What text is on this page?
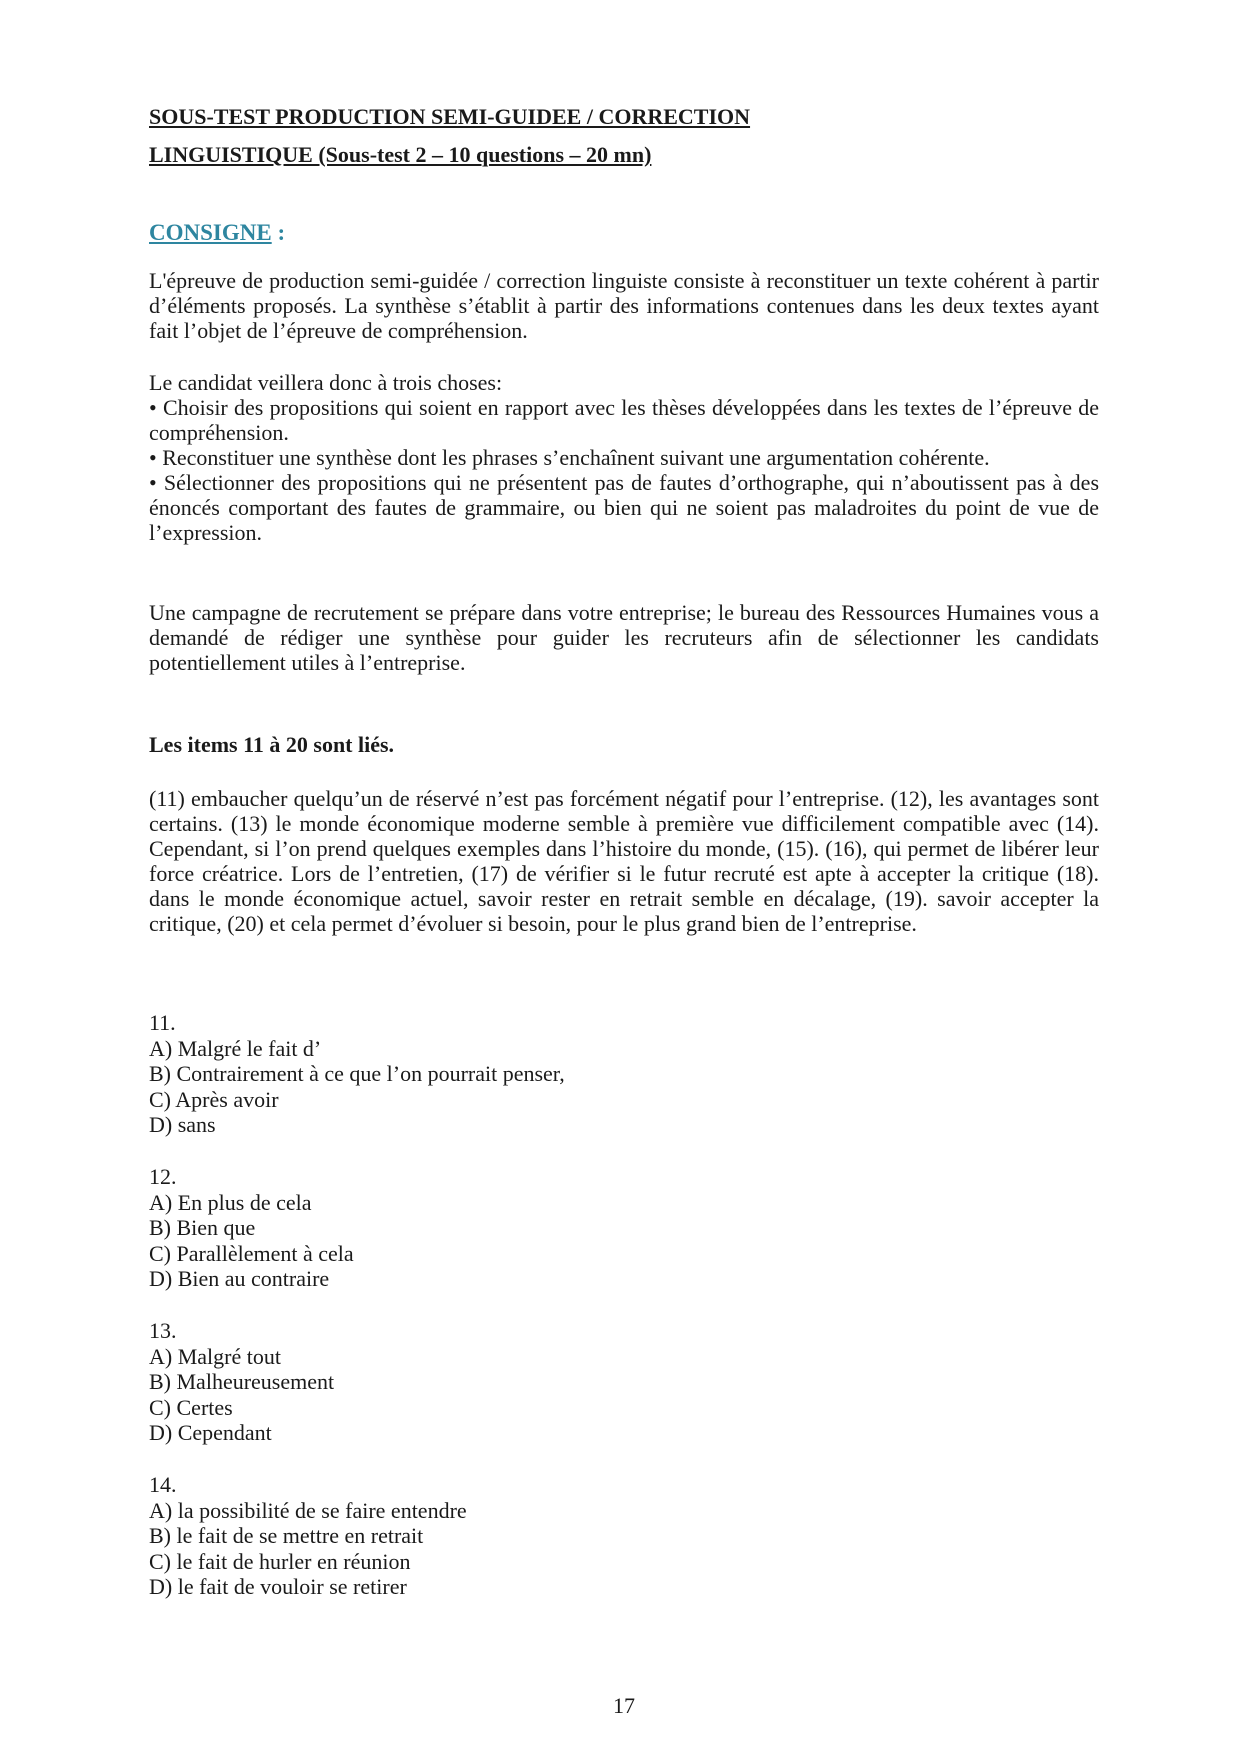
SOUS-TEST PRODUCTION SEMI-GUIDEE / CORRECTION
LINGUISTIQUE (Sous-test 2 – 10 questions – 20 mn)

CONSIGNE :

L'épreuve de production semi-guidée / correction linguiste consiste à reconstituer un texte cohérent à partir d’éléments proposés. La synthèse s’établit à partir des informations contenues dans les deux textes ayant fait l’objet de l’épreuve de compréhension.

Le candidat veillera donc à trois choses:
• Choisir des propositions qui soient en rapport avec les thèses développées dans les textes de l’épreuve de compréhension.
• Reconstituer une synthèse dont les phrases s’enchaînent suivant une argumentation cohérente.
• Sélectionner des propositions qui ne présentent pas de fautes d’orthographe, qui n’aboutissent pas à des énoncés comportant des fautes de grammaire, ou bien qui ne soient pas maladroites du point de vue de l’expression.

Une campagne de recrutement se prépare dans votre entreprise; le bureau des Ressources Humaines vous a demandé de rédiger une synthèse pour guider les recruteurs afin de sélectionner les candidats potentiellement utiles à l’entreprise.

Les items 11 à 20 sont liés.

(11) embaucher quelqu’un de réservé n’est pas forcément négatif pour l’entreprise. (12), les avantages sont certains. (13) le monde économique moderne semble à première vue difficilement compatible avec (14). Cependant, si l’on prend quelques exemples dans l’histoire du monde, (15). (16), qui permet de libérer leur force créatrice. Lors de l’entretien, (17) de vérifier si le futur recruté est apte à accepter la critique (18). dans le monde économique actuel, savoir rester en retrait semble en décalage, (19). savoir accepter la critique, (20) et cela permet d’évoluer si besoin, pour le plus grand bien de l’entreprise.

11.
A) Malgré le fait d’
B) Contrairement à ce que l’on pourrait penser,
C) Après avoir
D) sans
12.
A) En plus de cela
B) Bien que
C) Parallèlement à cela
D) Bien au contraire
13.
A) Malgré tout
B) Malheureusement
C) Certes
D) Cependant
14.
A) la possibilité de se faire entendre
B) le fait de se mettre en retrait
C) le fait de hurler en réunion
D) le fait de vouloir se retirer

17
